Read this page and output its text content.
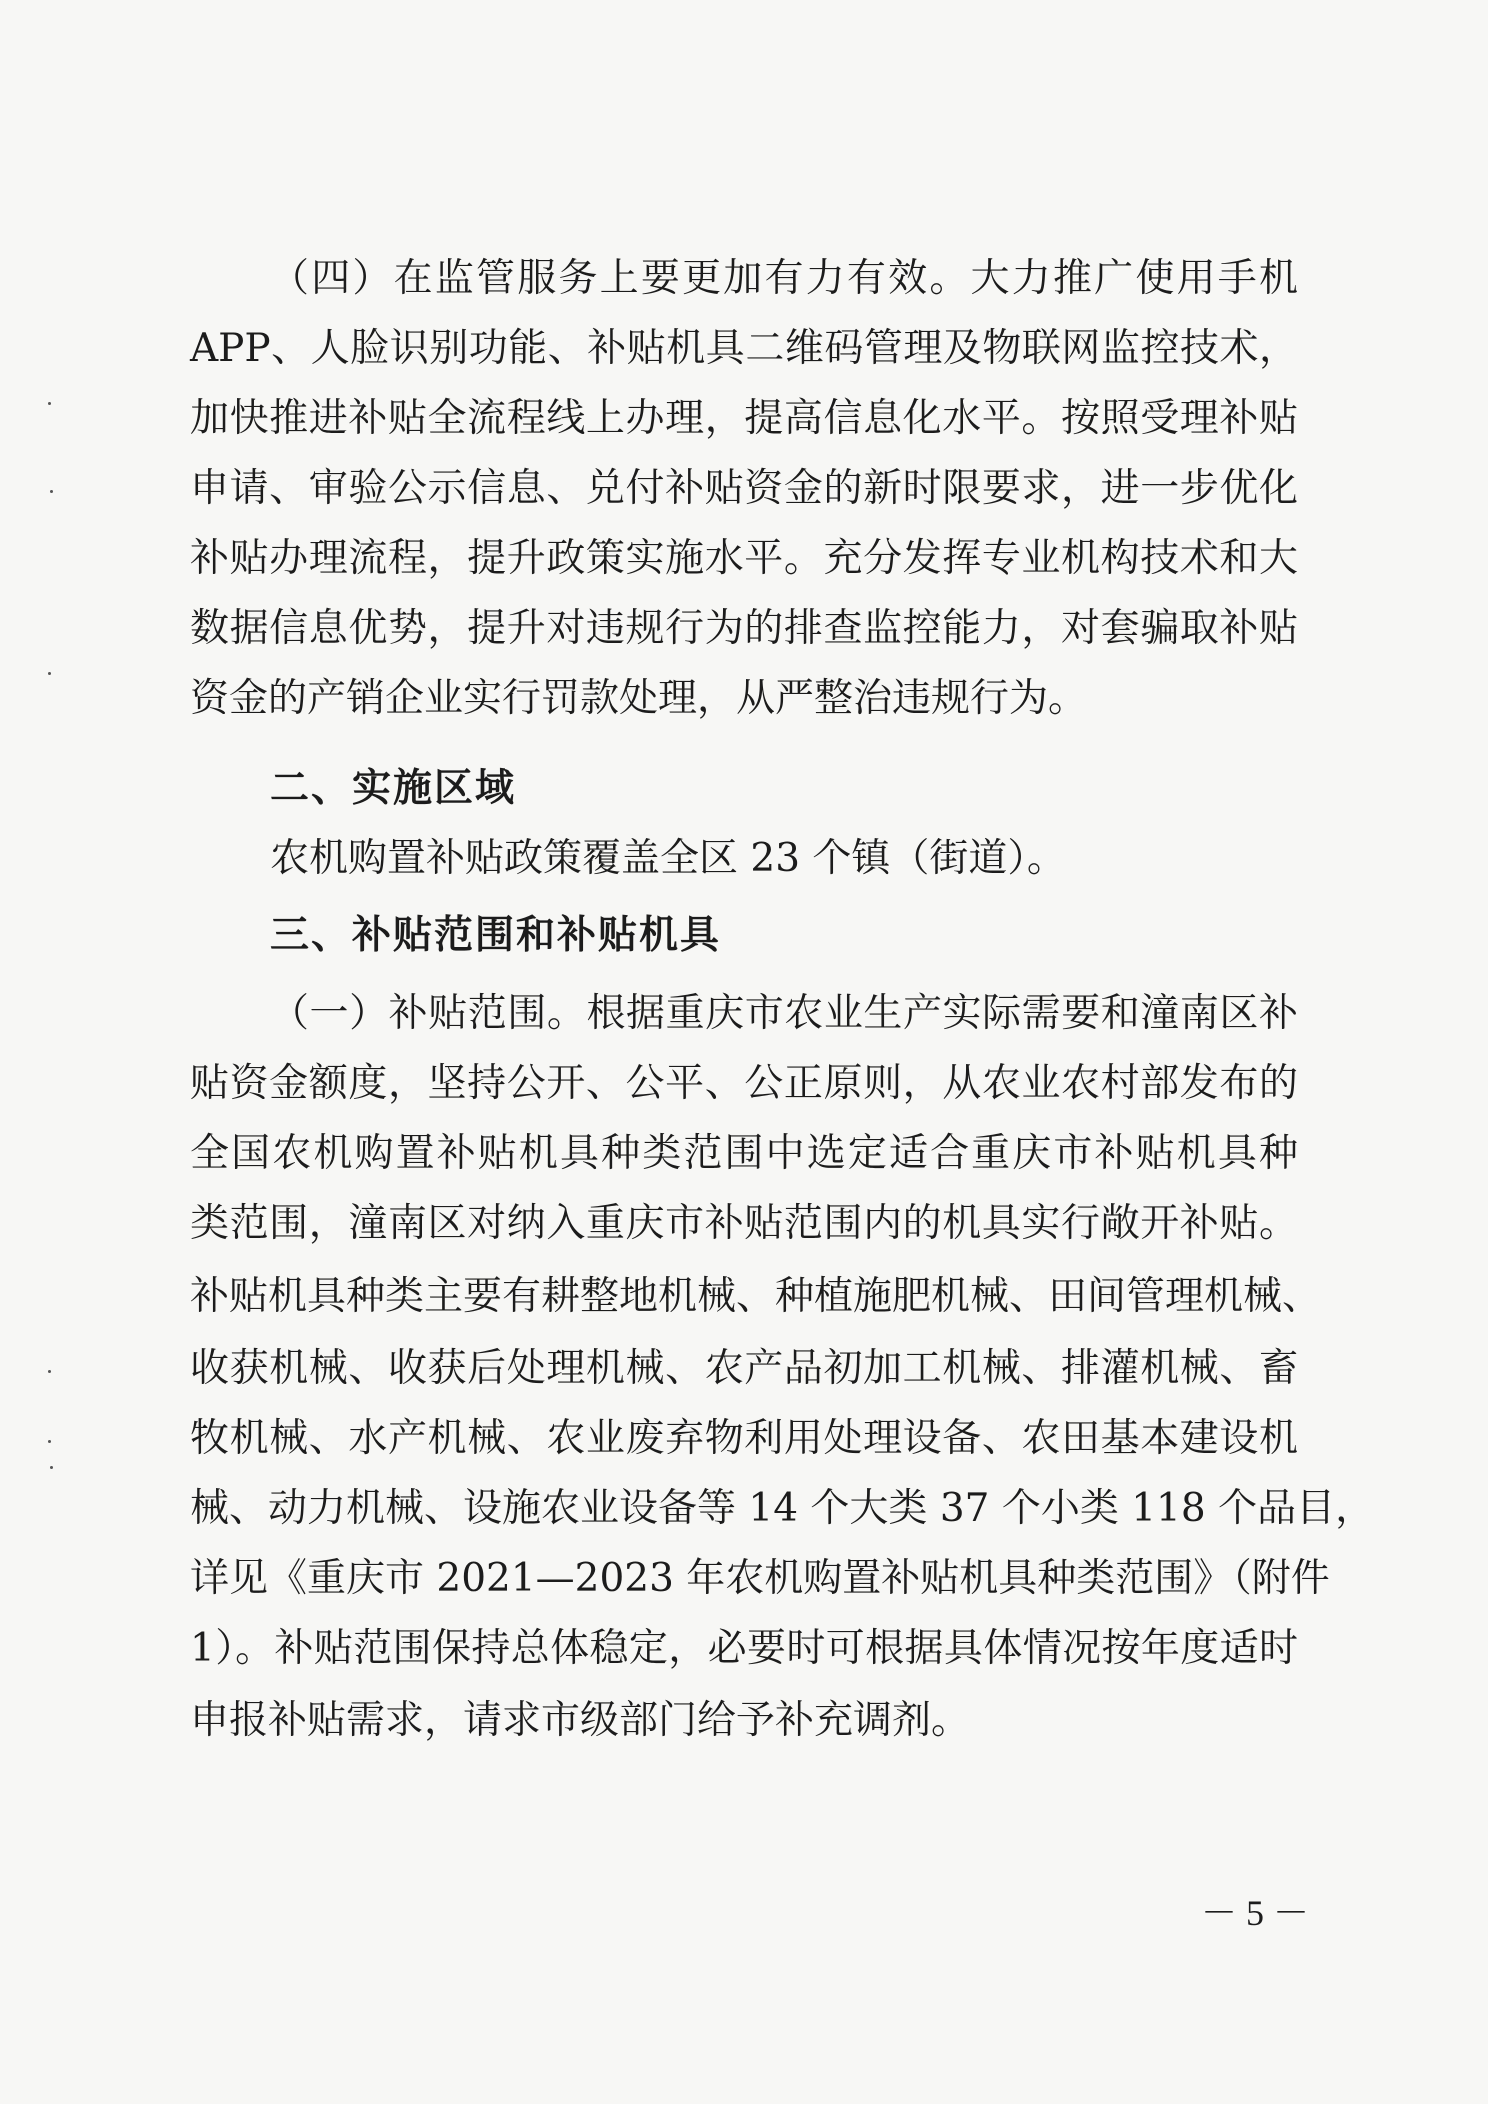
（四）在监管服务上要更加有力有效。大力推广使用手机
APP、人脸识别功能、补贴机具二维码管理及物联网监控技术，
加快推进补贴全流程线上办理，提高信息化水平。按照受理补贴
申请、审验公示信息、兑付补贴资金的新时限要求，进一步优化
补贴办理流程，提升政策实施水平。充分发挥专业机构技术和大
数据信息优势，提升对违规行为的排查监控能力，对套骗取补贴
资金的产销企业实行罚款处理，从严整治违规行为。
二、实施区域
农机购置补贴政策覆盖全区 23 个镇（街道）。
三、补贴范围和补贴机具
（一）补贴范围。根据重庆市农业生产实际需要和潼南区补
贴资金额度，坚持公开、公平、公正原则，从农业农村部发布的
全国农机购置补贴机具种类范围中选定适合重庆市补贴机具种
类范围，潼南区对纳入重庆市补贴范围内的机具实行敞开补贴。
补贴机具种类主要有耕整地机械、种植施肥机械、田间管理机械、
收获机械、收获后处理机械、农产品初加工机械、排灌机械、畜
牧机械、水产机械、农业废弃物利用处理设备、农田基本建设机
械、动力机械、设施农业设备等 14 个大类 37 个小类 118 个品目，
详见《重庆市 2021—2023 年农机购置补贴机具种类范围》（附件
1）。补贴范围保持总体稳定，必要时可根据具体情况按年度适时
申报补贴需求，请求市级部门给予补充调剂。
－ 5 －
